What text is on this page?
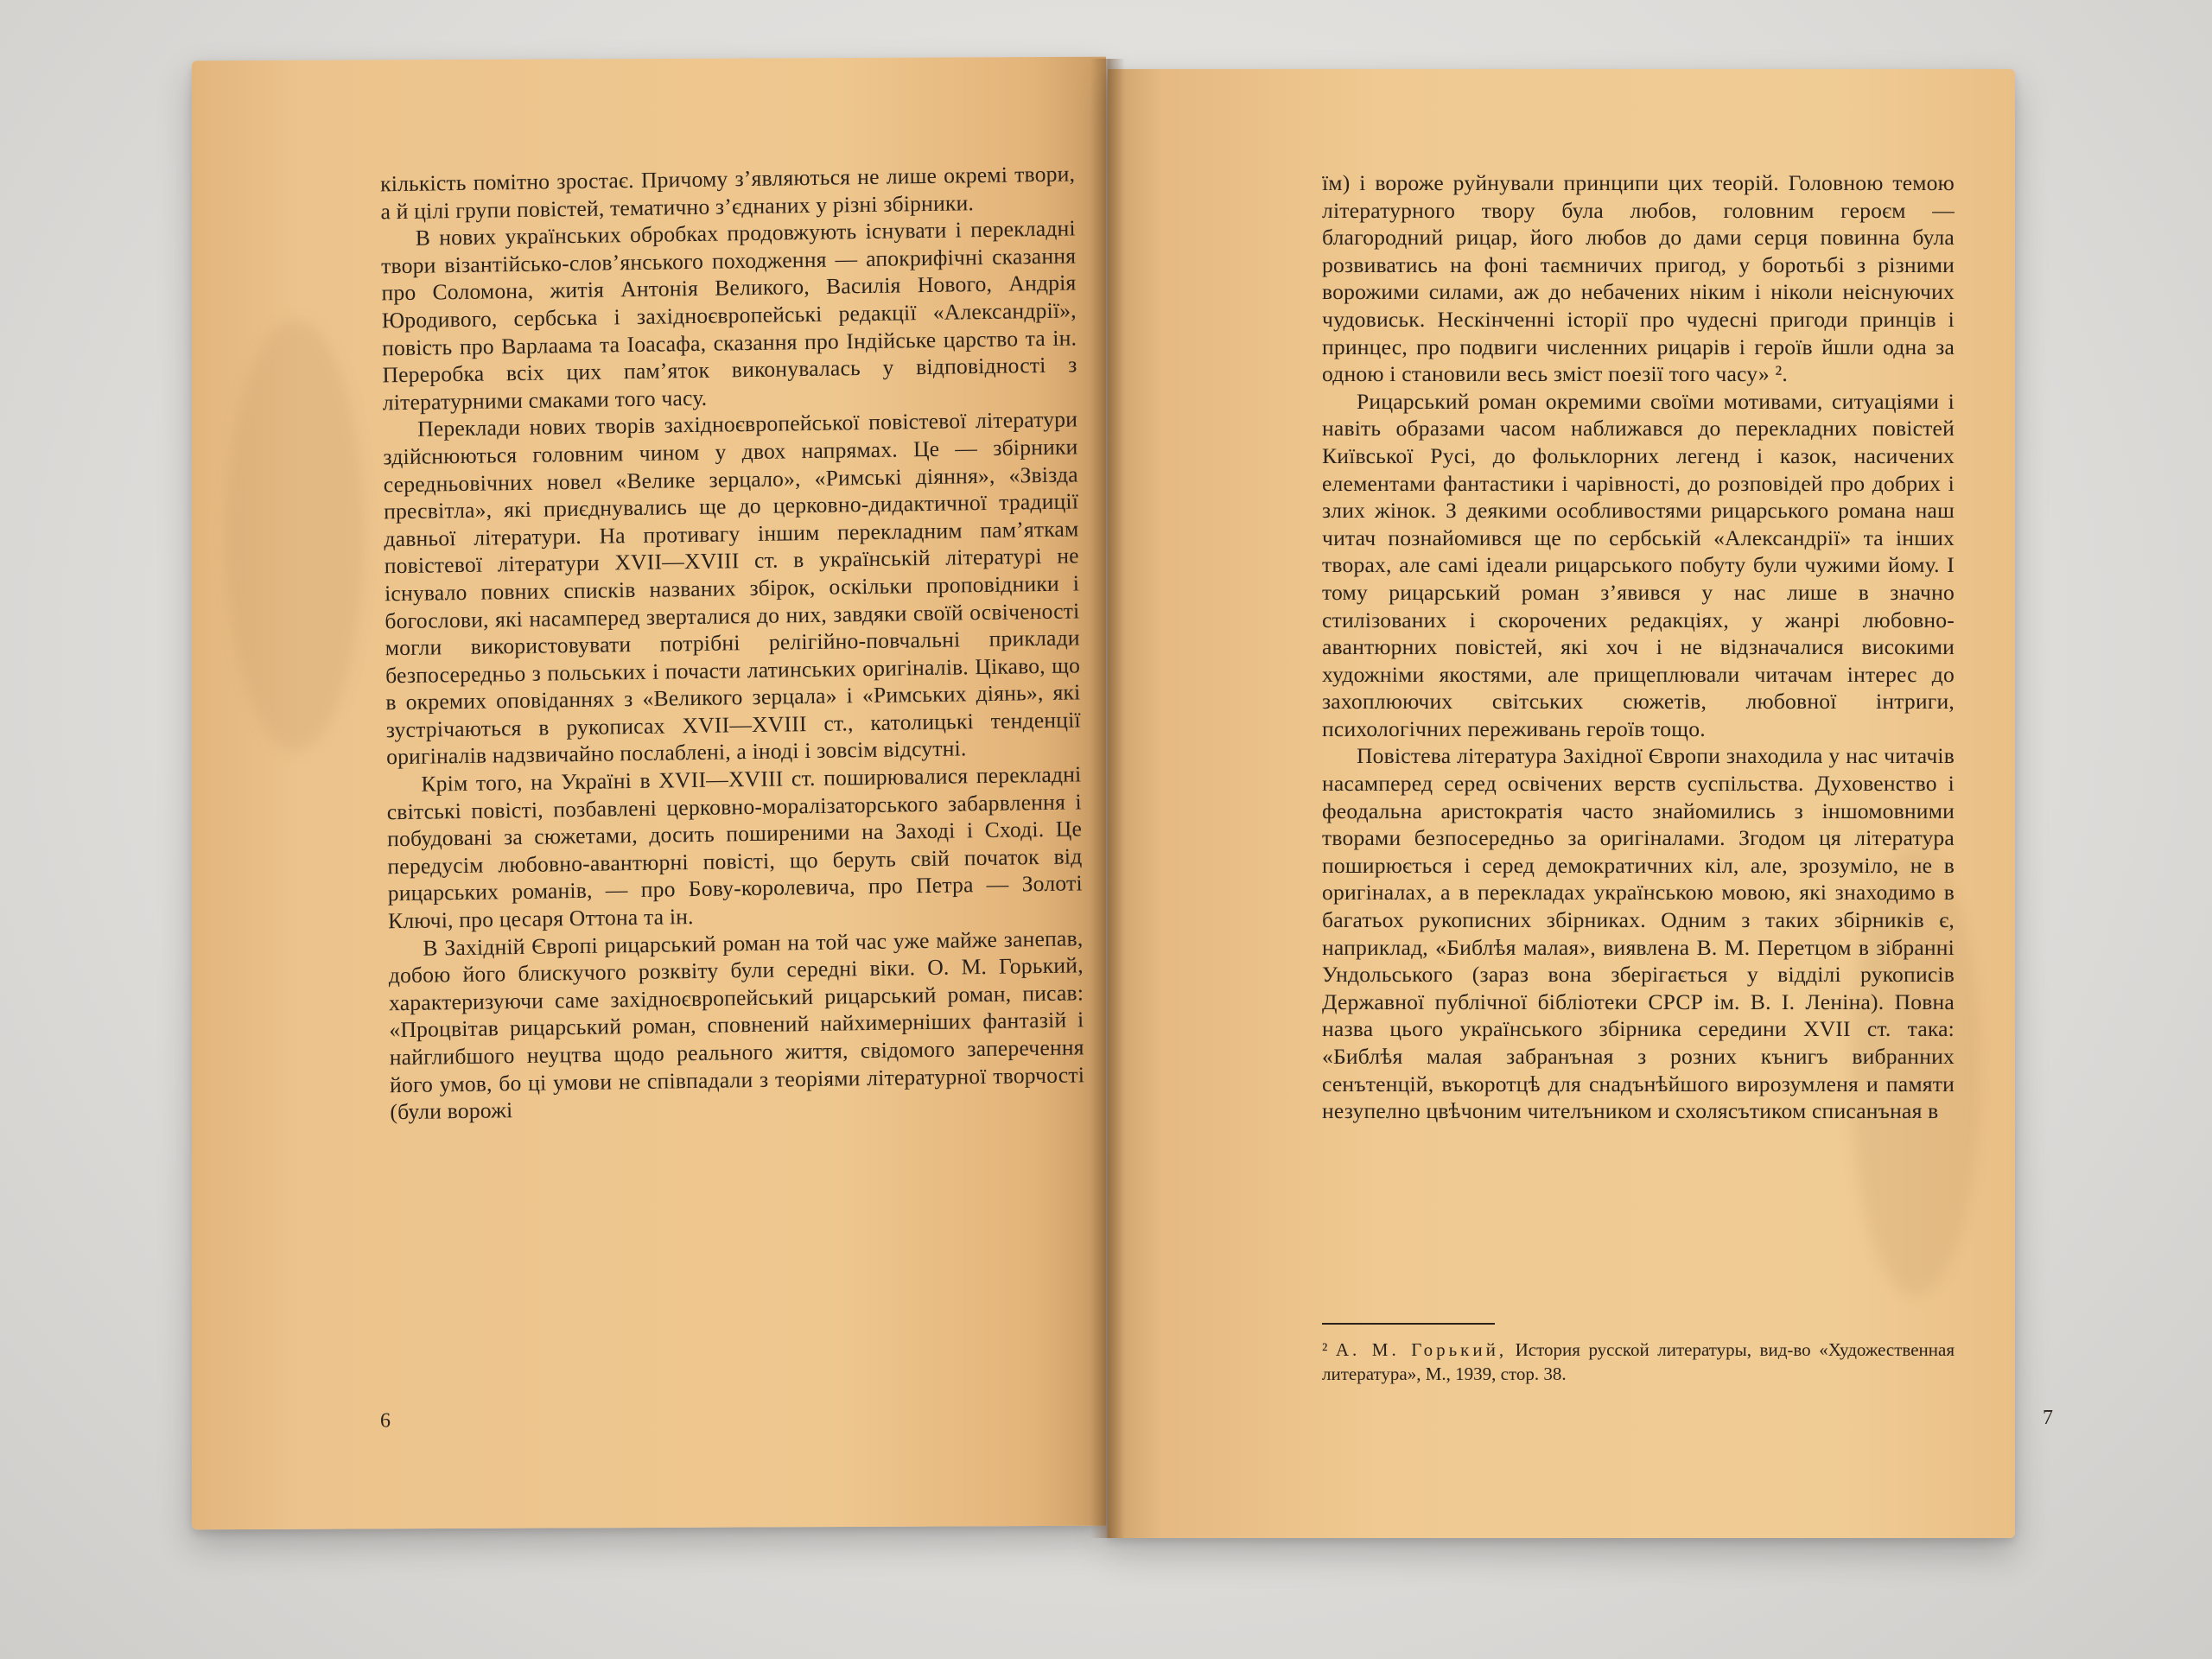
кількість помітно зростає. Причому з’являються не лише окремі твори, а й цілі групи повістей, тематично з’єднаних у різні збірники.

В нових українських обробках продовжують існувати і перекладні твори візантійсько-слов’янського походження — апокрифічні сказання про Соломона, житія Антонія Великого, Василія Нового, Андрія Юродивого, сербська і західноєвропейські редакції «Александрії», повість про Варлаама та Іоасафа, сказання про Індійське царство та ін. Переробка всіх цих пам’яток виконувалась у відповідності з літературними смаками того часу.

Переклади нових творів західноєвропейської повістевої літератури здійснюються головним чином у двох напрямах. Це — збірники середньовічних новел «Велике зерцало», «Римські діяння», «Звізда пресвітла», які приєднувались ще до церковно-дидактичної традиції давньої літератури. На противагу іншим перекладним пам’яткам повістевої літератури XVII—XVIII ст. в українській літературі не існувало повних списків названих збірок, оскільки проповідники і богослови, які насамперед зверталися до них, завдяки своїй освіченості могли використовувати потрібні релігійно-повчальні приклади безпосередньо з польських і почасти латинських оригіналів. Цікаво, що в окремих оповіданнях з «Великого зерцала» і «Римських діянь», які зустрічаються в рукописах XVII—XVIII ст., католицькі тенденції оригіналів надзвичайно послаблені, а іноді і зовсім відсутні.

Крім того, на Україні в XVII—XVIII ст. поширювалися перекладні світські повісті, позбавлені церковно-моралізаторського забарвлення і побудовані за сюжетами, досить поширеними на Заході і Сході. Це передусім любовно-авантюрні повісті, що беруть свій початок від рицарських романів, — про Бову-королевича, про Петра — Золоті Ключі, про цесаря Оттона та ін.

В Західній Європі рицарський роман на той час уже майже занепав, добою його блискучого розквіту були середні віки. О. М. Горький, характеризуючи саме західноєвропейський рицарський роман, писав: «Процвітав рицарський роман, сповнений найхимерніших фантазій і найглибшого неуцтва щодо реального життя, свідомого заперечення його умов, бо ці умови не співпадали з теоріями літературної творчості (були ворожі

6

їм) і вороже руйнували принципи цих теорій. Головною темою літературного твору була любов, головним героєм — благородний рицар, його любов до дами серця повинна була розвиватись на фоні таємничих пригод, у боротьбі з різними ворожими силами, аж до небачених ніким і ніколи неіснуючих чудовиськ. Нескінченні історії про чудесні пригоди принців і принцес, про подвиги численних рицарів і героїв йшли одна за одною і становили весь зміст поезії того часу» ².

Рицарський роман окремими своїми мотивами, ситуаціями і навіть образами часом наближався до перекладних повістей Київської Русі, до фольклорних легенд і казок, насичених елементами фантастики і чарівності, до розповідей про добрих і злих жінок. З деякими особливостями рицарського романа наш читач познайомився ще по сербській «Александрії» та інших творах, але самі ідеали рицарського побуту були чужими йому. І тому рицарський роман з’явився у нас лише в значно стилізованих і скорочених редакціях, у жанрі любовно-авантюрних повістей, які хоч і не відзначалися високими художніми якостями, але прищеплювали читачам інтерес до захоплюючих світських сюжетів, любовної інтриги, психологічних переживань героїв тощо.

Повістева література Західної Європи знаходила у нас читачів насамперед серед освічених верств суспільства. Духовенство і феодальна аристократія часто знайомились з іншомовними творами безпосередньо за оригіналами. Згодом ця література поширюється і серед демократичних кіл, але, зрозуміло, не в оригіналах, а в перекладах українською мовою, які знаходимо в багатьох рукописних збірниках. Одним з таких збірників є, наприклад, «Библѣя малая», виявлена В. М. Перетцом в зібранні Ундольського (зараз вона зберігається у відділі рукописів Державної публічної бібліотеки СРСР ім. В. І. Леніна). Повна назва цього українського збірника середини XVII ст. така: «Библѣя малая забранъная з розних кънигъ вибранних сенътенцій, въкоротцѣ для снадънѣйшого вирозумленя и памяти незупелно цвѣчоним чителъником и схолясътиком списанъная в

² А. М. Горький, История русской литературы, вид-во «Художественная литература», М., 1939, стор. 38.
7
